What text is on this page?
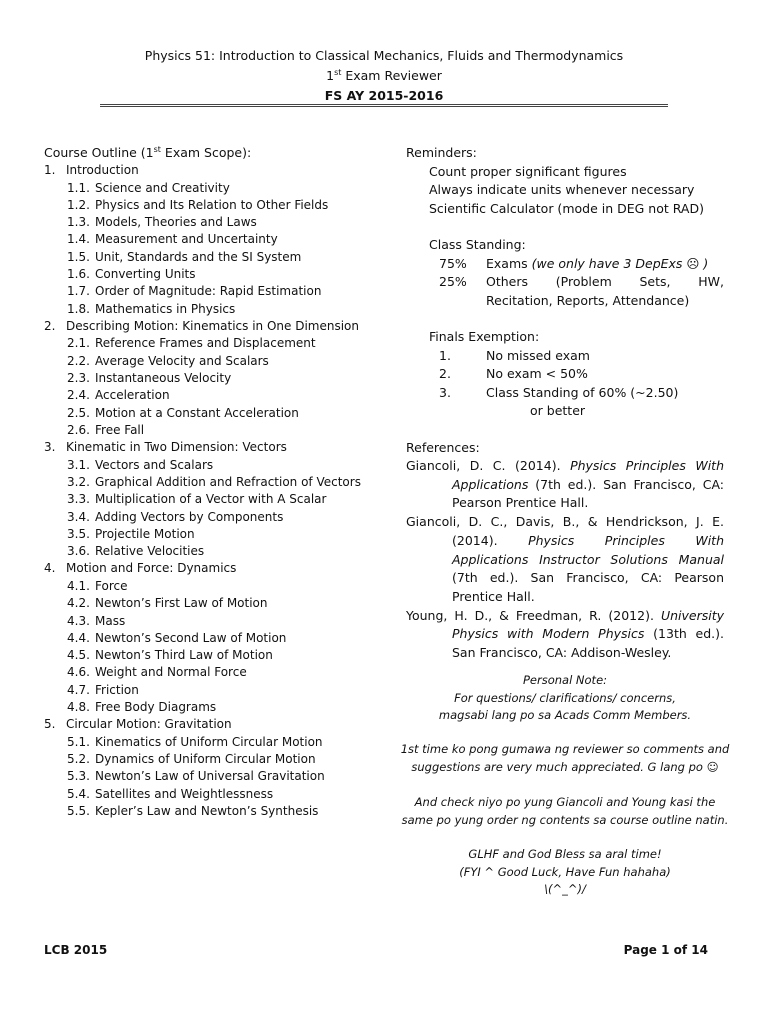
Physics 51: Introduction to Classical Mechanics, Fluids and Thermodynamics
1st Exam Reviewer
FS AY 2015-2016
Course Outline (1st Exam Scope):
1. Introduction
1.1. Science and Creativity
1.2. Physics and Its Relation to Other Fields
1.3. Models, Theories and Laws
1.4. Measurement and Uncertainty
1.5. Unit, Standards and the SI System
1.6. Converting Units
1.7. Order of Magnitude: Rapid Estimation
1.8. Mathematics in Physics
2. Describing Motion: Kinematics in One Dimension
2.1. Reference Frames and Displacement
2.2. Average Velocity and Scalars
2.3. Instantaneous Velocity
2.4. Acceleration
2.5. Motion at a Constant Acceleration
2.6. Free Fall
3. Kinematic in Two Dimension: Vectors
3.1. Vectors and Scalars
3.2. Graphical Addition and Refraction of Vectors
3.3. Multiplication of a Vector with A Scalar
3.4. Adding Vectors by Components
3.5. Projectile Motion
3.6. Relative Velocities
4. Motion and Force: Dynamics
4.1. Force
4.2. Newton’s First Law of Motion
4.3. Mass
4.4. Newton’s Second Law of Motion
4.5. Newton’s Third Law of Motion
4.6. Weight and Normal Force
4.7. Friction
4.8. Free Body Diagrams
5. Circular Motion: Gravitation
5.1. Kinematics of Uniform Circular Motion
5.2. Dynamics of Uniform Circular Motion
5.3. Newton’s Law of Universal Gravitation
5.4. Satellites and Weightlessness
5.5. Kepler’s Law and Newton’s Synthesis
Reminders:
Count proper significant figures
Always indicate units whenever necessary
Scientific Calculator (mode in DEG not RAD)
Class Standing:
75%	Exams (we only have 3 DepExs ☹ )
25%	Others (Problem Sets, HW,
Recitation, Reports, Attendance)
Finals Exemption:
1.	No missed exam
2.	No exam < 50%
3.	Class Standing of 60% (~2.50)
or better
References:
Giancoli, D. C. (2014). Physics Principles With Applications (7th ed.). San Francisco, CA: Pearson Prentice Hall.
Giancoli, D. C., Davis, B., & Hendrickson, J. E. (2014). Physics Principles With Applications Instructor Solutions Manual (7th ed.). San Francisco, CA: Pearson Prentice Hall.
Young, H. D., & Freedman, R. (2012). University Physics with Modern Physics (13th ed.). San Francisco, CA: Addison-Wesley.
Personal Note:
For questions/ clarifications/ concerns,
magsabi lang po sa Acads Comm Members.
1st time ko pong gumawa ng reviewer so comments and
suggestions are very much appreciated. G lang po ☺
And check niyo po yung Giancoli and Young kasi the
same po yung order ng contents sa course outline natin.
GLHF and God Bless sa aral time!
(FYI ^ Good Luck, Have Fun hahaha)
\(^_^)/
LCB 2015	Page 1 of 14
